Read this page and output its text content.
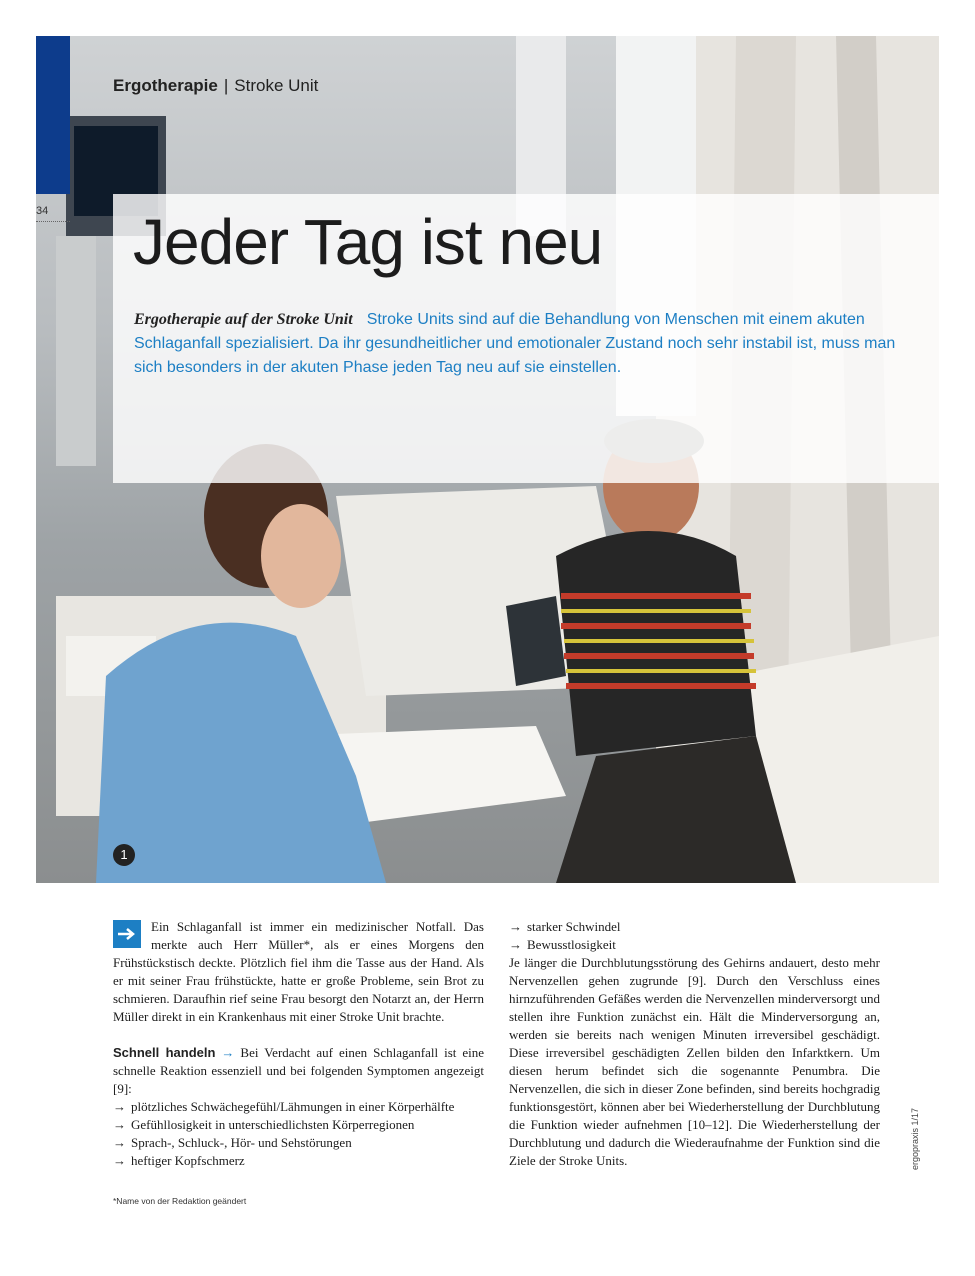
Ergotherapie | Stroke Unit
34	Jeder Tag ist neu
Ergotherapie auf der Stroke Unit Stroke Units sind auf die Behandlung von Menschen mit einem akuten Schlaganfall spezialisiert. Da ihr gesundheitlicher und emotionaler Zustand noch sehr instabil ist, muss man sich besonders in der akuten Phase jeden Tag neu auf sie einstellen.
1

Ein Schlaganfall ist immer ein medizinischer Notfall. Das merkte auch Herr Müller*, als er eines Morgens den Frühstückstisch deckte. Plötzlich fiel ihm die Tasse aus der Hand. Als er mit seiner Frau frühstückte, hatte er große Probleme, sein Brot zu schmieren. Daraufhin rief seine Frau besorgt den Notarzt an, der Herrn Müller direkt in ein Krankenhaus mit einer Stroke Unit brachte.

Schnell handeln → Bei Verdacht auf einen Schlaganfall ist eine schnelle Reaktion essenziell und bei folgenden Symptomen angezeigt [9]:

→ plötzliches Schwächegefühl/Lähmungen in einer Körperhälfte
→ Gefühllosigkeit in unterschiedlichsten Körperregionen
→ Sprach-, Schluck-, Hör- und Sehstörungen
→ heftiger Kopfschmerz
→ starker Schwindel
→ Bewusstlosigkeit

Je länger die Durchblutungsstörung des Gehirns andauert, desto mehr Nervenzellen gehen zugrunde [9]. Durch den Verschluss eines hirnzuführenden Gefäßes werden die Nervenzellen minderversorgt und stellen ihre Funktion zunächst ein. Hält die Minderversorgung an, werden sie bereits nach wenigen Minuten irreversibel geschädigt. Diese irreversibel geschädigten Zellen bilden den Infarktkern. Um diesen herum befindet sich die sogenannte Penumbra. Die Nervenzellen, die sich in dieser Zone befinden, sind bereits hochgradig funktionsgestört, können aber bei Wiederherstellung der Durchblutung die Funktion wieder aufnehmen [10–12]. Die Wiederherstellung der Durchblutung und dadurch die Wiederaufnahme der Funktion sind die Ziele der Stroke Units.

*Name von der Redaktion geändert
ergopraxis 1/17
